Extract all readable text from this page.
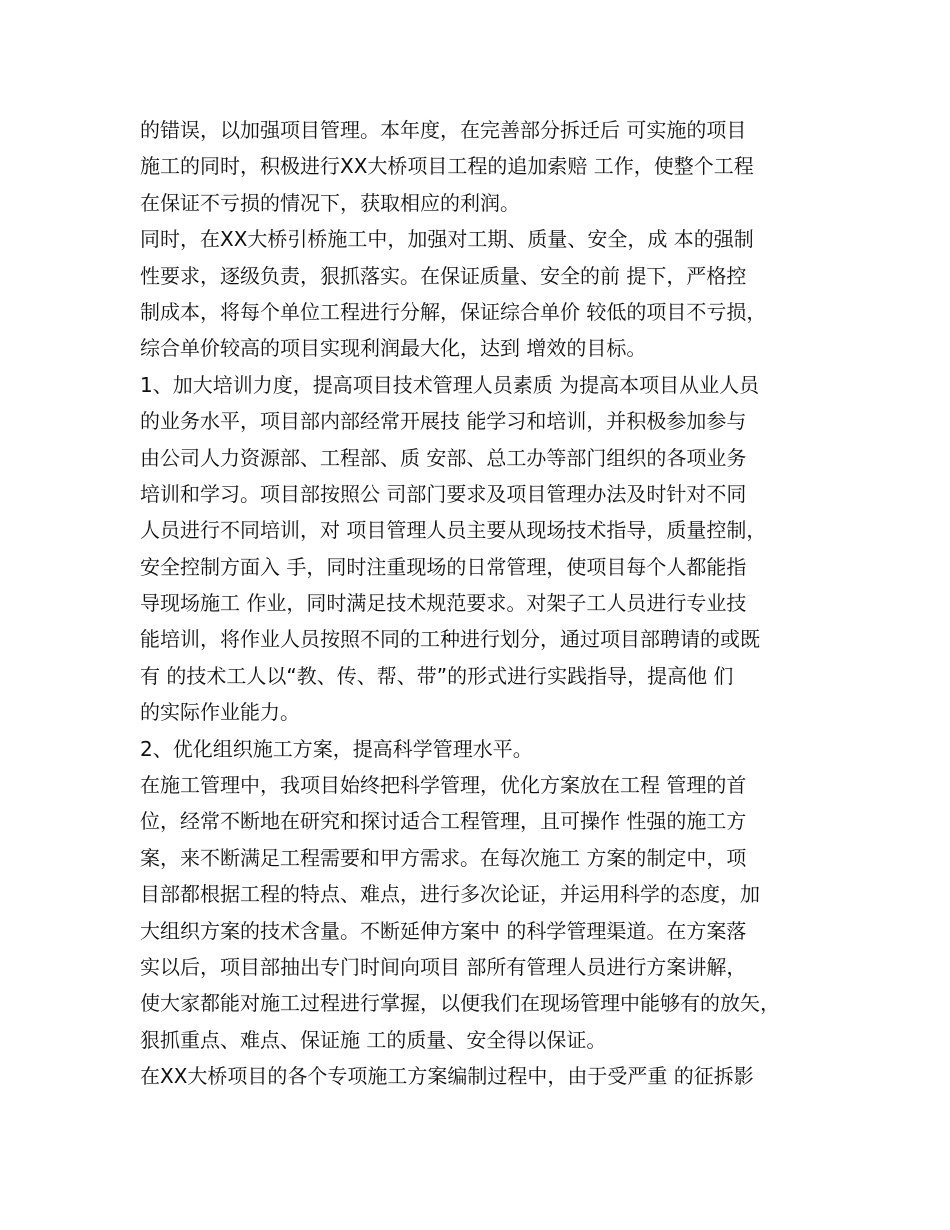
的错误，以加强项目管理。本年度，在完善部分拆迁后 可实施的项目
施工的同时，积极进行XX大桥项目工程的追加索赔 工作，使整个工程
在保证不亏损的情况下，获取相应的利润。
同时，在XX大桥引桥施工中，加强对工期、质量、安全，成 本的强制
性要求，逐级负责，狠抓落实。在保证质量、安全的前 提下，严格控
制成本，将每个单位工程进行分解，保证综合单价 较低的项目不亏损，
综合单价较高的项目实现利润最大化，达到 增效的目标。
1、加大培训力度，提高项目技术管理人员素质 为提高本项目从业人员
的业务水平，项目部内部经常开展技 能学习和培训，并积极参加参与
由公司人力资源部、工程部、质 安部、总工办等部门组织的各项业务
培训和学习。项目部按照公 司部门要求及项目管理办法及时针对不同
人员进行不同培训，对 项目管理人员主要从现场技术指导，质量控制，
安全控制方面入 手，同时注重现场的日常管理，使项目每个人都能指
导现场施工 作业，同时满足技术规范要求。对架子工人员进行专业技
能培训，将作业人员按照不同的工种进行划分，通过项目部聘请的或既
有 的技术工人以“教、传、帮、带”的形式进行实践指导，提高他 们
的实际作业能力。
2、优化组织施工方案，提高科学管理水平。
在施工管理中，我项目始终把科学管理，优化方案放在工程 管理的首
位，经常不断地在研究和探讨适合工程管理，且可操作 性强的施工方
案，来不断满足工程需要和甲方需求。在每次施工 方案的制定中，项
目部都根据工程的特点、难点，进行多次论证，并运用科学的态度，加
大组织方案的技术含量。不断延伸方案中 的科学管理渠道。在方案落
实以后，项目部抽出专门时间向项目 部所有管理人员进行方案讲解，
使大家都能对施工过程进行掌握，以便我们在现场管理中能够有的放矢，
狠抓重点、难点、保证施 工的质量、安全得以保证。
在XX大桥项目的各个专项施工方案编制过程中，由于受严重 的征拆影
